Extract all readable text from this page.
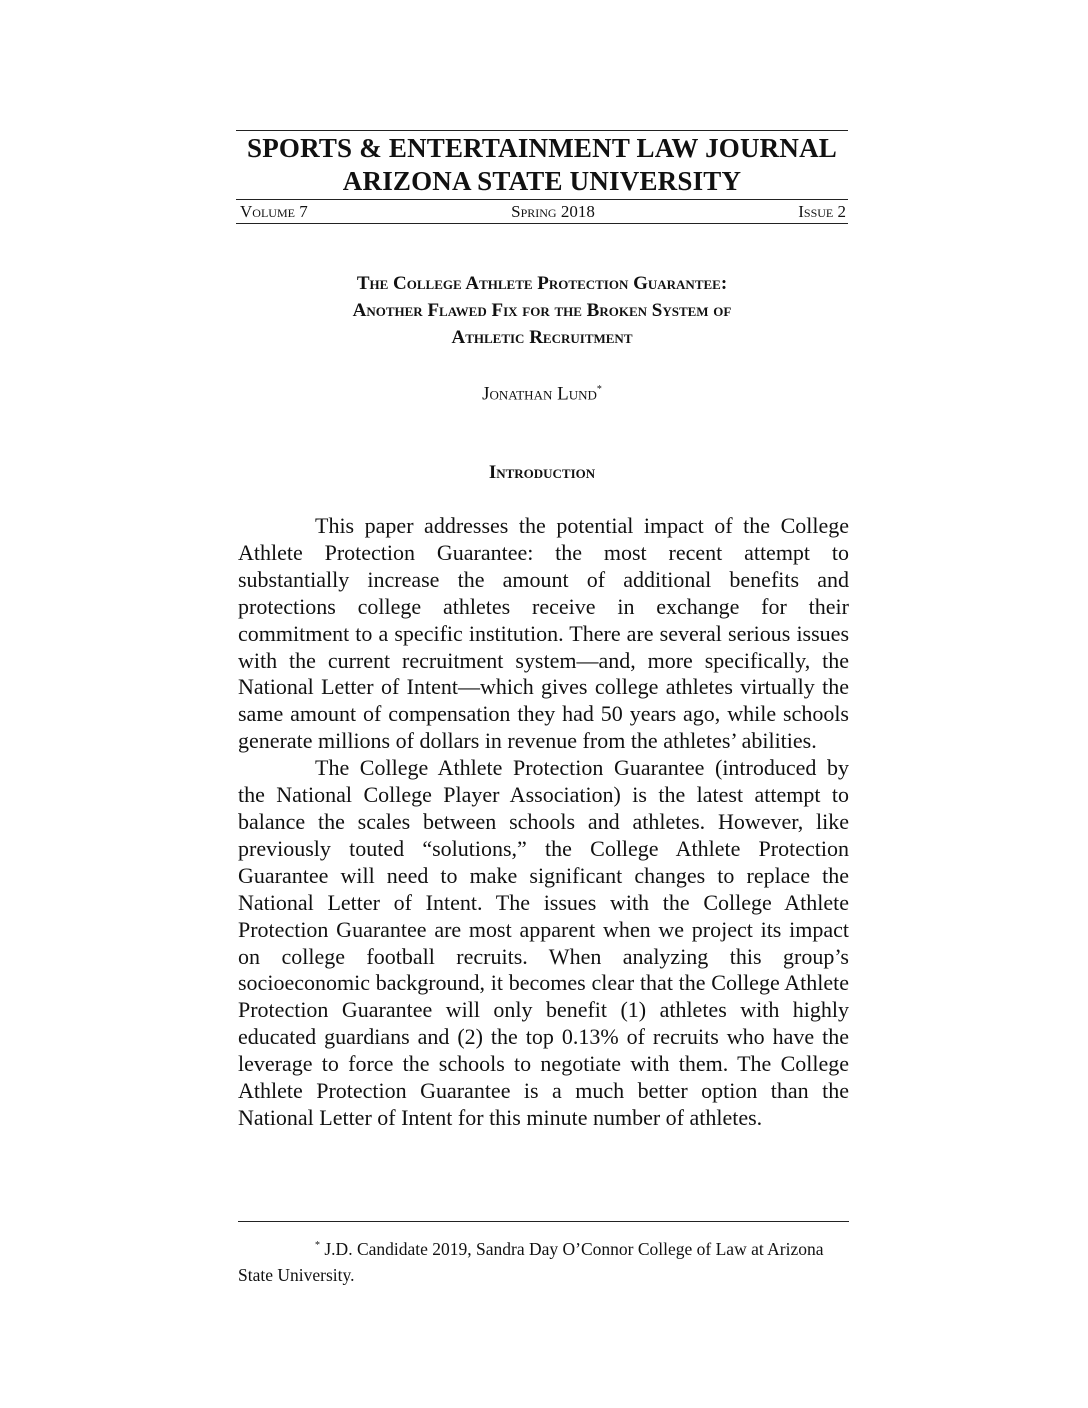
SPORTS & ENTERTAINMENT LAW JOURNAL
ARIZONA STATE UNIVERSITY
Volume 7	Spring 2018	Issue 2
The College Athlete Protection Guarantee:
Another Flawed Fix for the Broken System of
Athletic Recruitment
Jonathan Lund*
Introduction

This paper addresses the potential impact of the College Athlete Protection Guarantee: the most recent attempt to substantially increase the amount of additional benefits and protections college athletes receive in exchange for their commitment to a specific institution. There are several serious issues with the current recruitment system—and, more specifically, the National Letter of Intent—which gives college athletes virtually the same amount of compensation they had 50 years ago, while schools generate millions of dollars in revenue from the athletes’ abilities.

The College Athlete Protection Guarantee (introduced by the National College Player Association) is the latest attempt to balance the scales between schools and athletes. However, like previously touted “solutions,” the College Athlete Protection Guarantee will need to make significant changes to replace the National Letter of Intent. The issues with the College Athlete Protection Guarantee are most apparent when we project its impact on college football recruits. When analyzing this group’s socioeconomic background, it becomes clear that the College Athlete Protection Guarantee will only benefit (1) athletes with highly educated guardians and (2) the top 0.13% of recruits who have the leverage to force the schools to negotiate with them. The College Athlete Protection Guarantee is a much better option than the National Letter of Intent for this minute number of athletes.

* J.D. Candidate 2019, Sandra Day O’Connor College of Law at Arizona State University.
